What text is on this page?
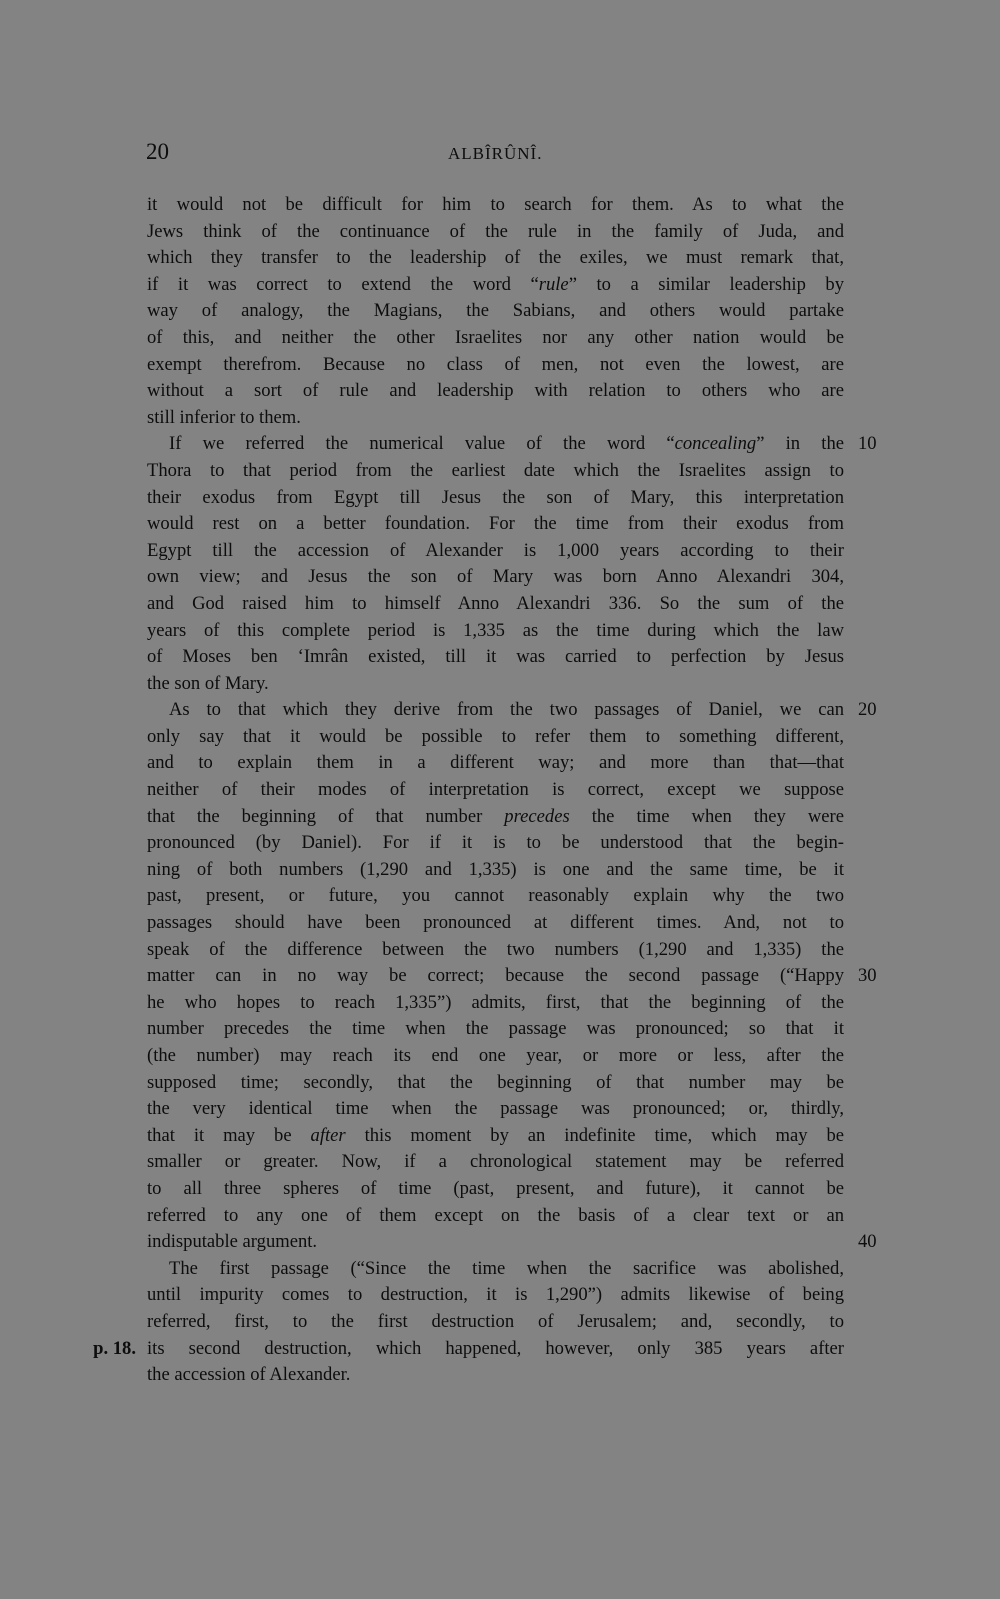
20	ALBÎRÛNÎ.
it would not be difficult for him to search for them. As to what the
Jews think of the continuance of the rule in the family of Juda, and
which they transfer to the leadership of the exiles, we must remark that,
if it was correct to extend the word “rule” to a similar leadership by
way of analogy, the Magians, the Sabians, and others would partake
of this, and neither the other Israelites nor any other nation would be
exempt therefrom. Because no class of men, not even the lowest, are
without a sort of rule and leadership with relation to others who are
still inferior to them.
If we referred the numerical value of the word “concealing” in the 10
Thora to that period from the earliest date which the Israelites assign to
their exodus from Egypt till Jesus the son of Mary, this interpretation
would rest on a better foundation. For the time from their exodus from
Egypt till the accession of Alexander is 1,000 years according to their
own view; and Jesus the son of Mary was born Anno Alexandri 304,
and God raised him to himself Anno Alexandri 336. So the sum of the
years of this complete period is 1,335 as the time during which the law
of Moses ben ‘Imrân existed, till it was carried to perfection by Jesus
the son of Mary.
As to that which they derive from the two passages of Daniel, we can 20
only say that it would be possible to refer them to something different,
and to explain them in a different way; and more than that—that
neither of their modes of interpretation is correct, except we suppose
that the beginning of that number precedes the time when they were
pronounced (by Daniel). For if it is to be understood that the begin-
ning of both numbers (1,290 and 1,335) is one and the same time, be it
past, present, or future, you cannot reasonably explain why the two
passages should have been pronounced at different times. And, not to
speak of the difference between the two numbers (1,290 and 1,335) the
matter can in no way be correct; because the second passage (“Happy 30
he who hopes to reach 1,335”) admits, first, that the beginning of the
number precedes the time when the passage was pronounced; so that it
(the number) may reach its end one year, or more or less, after the
supposed time; secondly, that the beginning of that number may be
the very identical time when the passage was pronounced; or, thirdly,
that it may be after this moment by an indefinite time, which may be
smaller or greater. Now, if a chronological statement may be referred
to all three spheres of time (past, present, and future), it cannot be
referred to any one of them except on the basis of a clear text or an
indisputable argument.	40
The first passage (“Since the time when the sacrifice was abolished,
until impurity comes to destruction, it is 1,290”) admits likewise of being
referred, first, to the first destruction of Jerusalem; and, secondly, to
p. 18. its second destruction, which happened, however, only 385 years after
the accession of Alexander.
